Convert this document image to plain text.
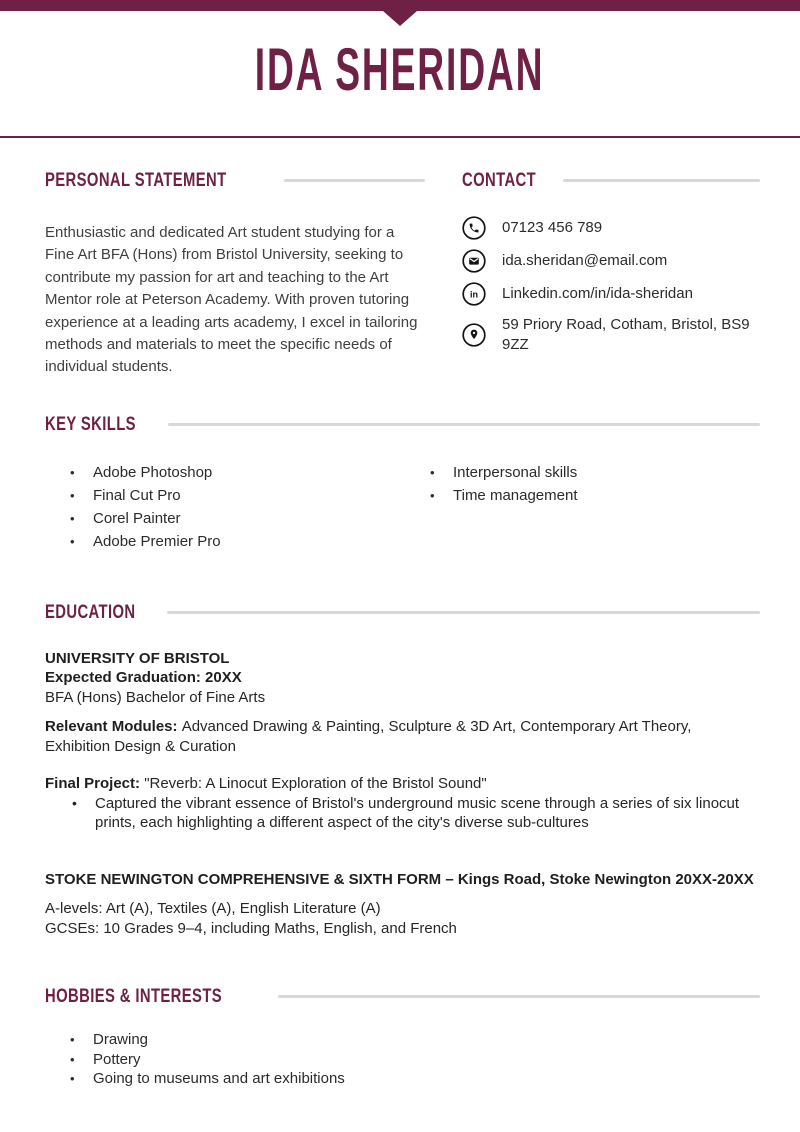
IDA SHERIDAN
PERSONAL STATEMENT

Enthusiastic and dedicated Art student studying for a Fine Art BFA (Hons) from Bristol University, seeking to contribute my passion for art and teaching to the Art Mentor role at Peterson Academy. With proven tutoring experience at a leading arts academy, I excel in tailoring methods and materials to meet the specific needs of individual students.

CONTACT
07123 456 789
ida.sheridan@email.com
in Linkedin.com/in/ida-sheridan
59 Priory Road, Cotham, Bristol, BS9 9ZZ
KEY SKILLS
•	Adobe Photoshop
•	Final Cut Pro
•	Corel Painter
•	Adobe Premier Pro
•	Interpersonal skills
•	Time management
EDUCATION
UNIVERSITY OF BRISTOL
Expected Graduation: 20XX
BFA (Hons) Bachelor of Fine Arts

Relevant Modules: Advanced Drawing & Painting, Sculpture & 3D Art, Contemporary Art Theory, Exhibition Design & Curation

Final Project: "Reverb: A Linocut Exploration of the Bristol Sound"

•	Captured the vibrant essence of Bristol's underground music scene through a series of six linocut prints, each highlighting a different aspect of the city's diverse sub-cultures
STOKE NEWINGTON COMPREHENSIVE & SIXTH FORM – Kings Road, Stoke Newington 20XX-20XX

A-levels: Art (A), Textiles (A), English Literature (A)
GCSEs: 10 Grades 9–4, including Maths, English, and French

HOBBIES & INTERESTS
•	Drawing
•	Pottery
•	Going to museums and art exhibitions
